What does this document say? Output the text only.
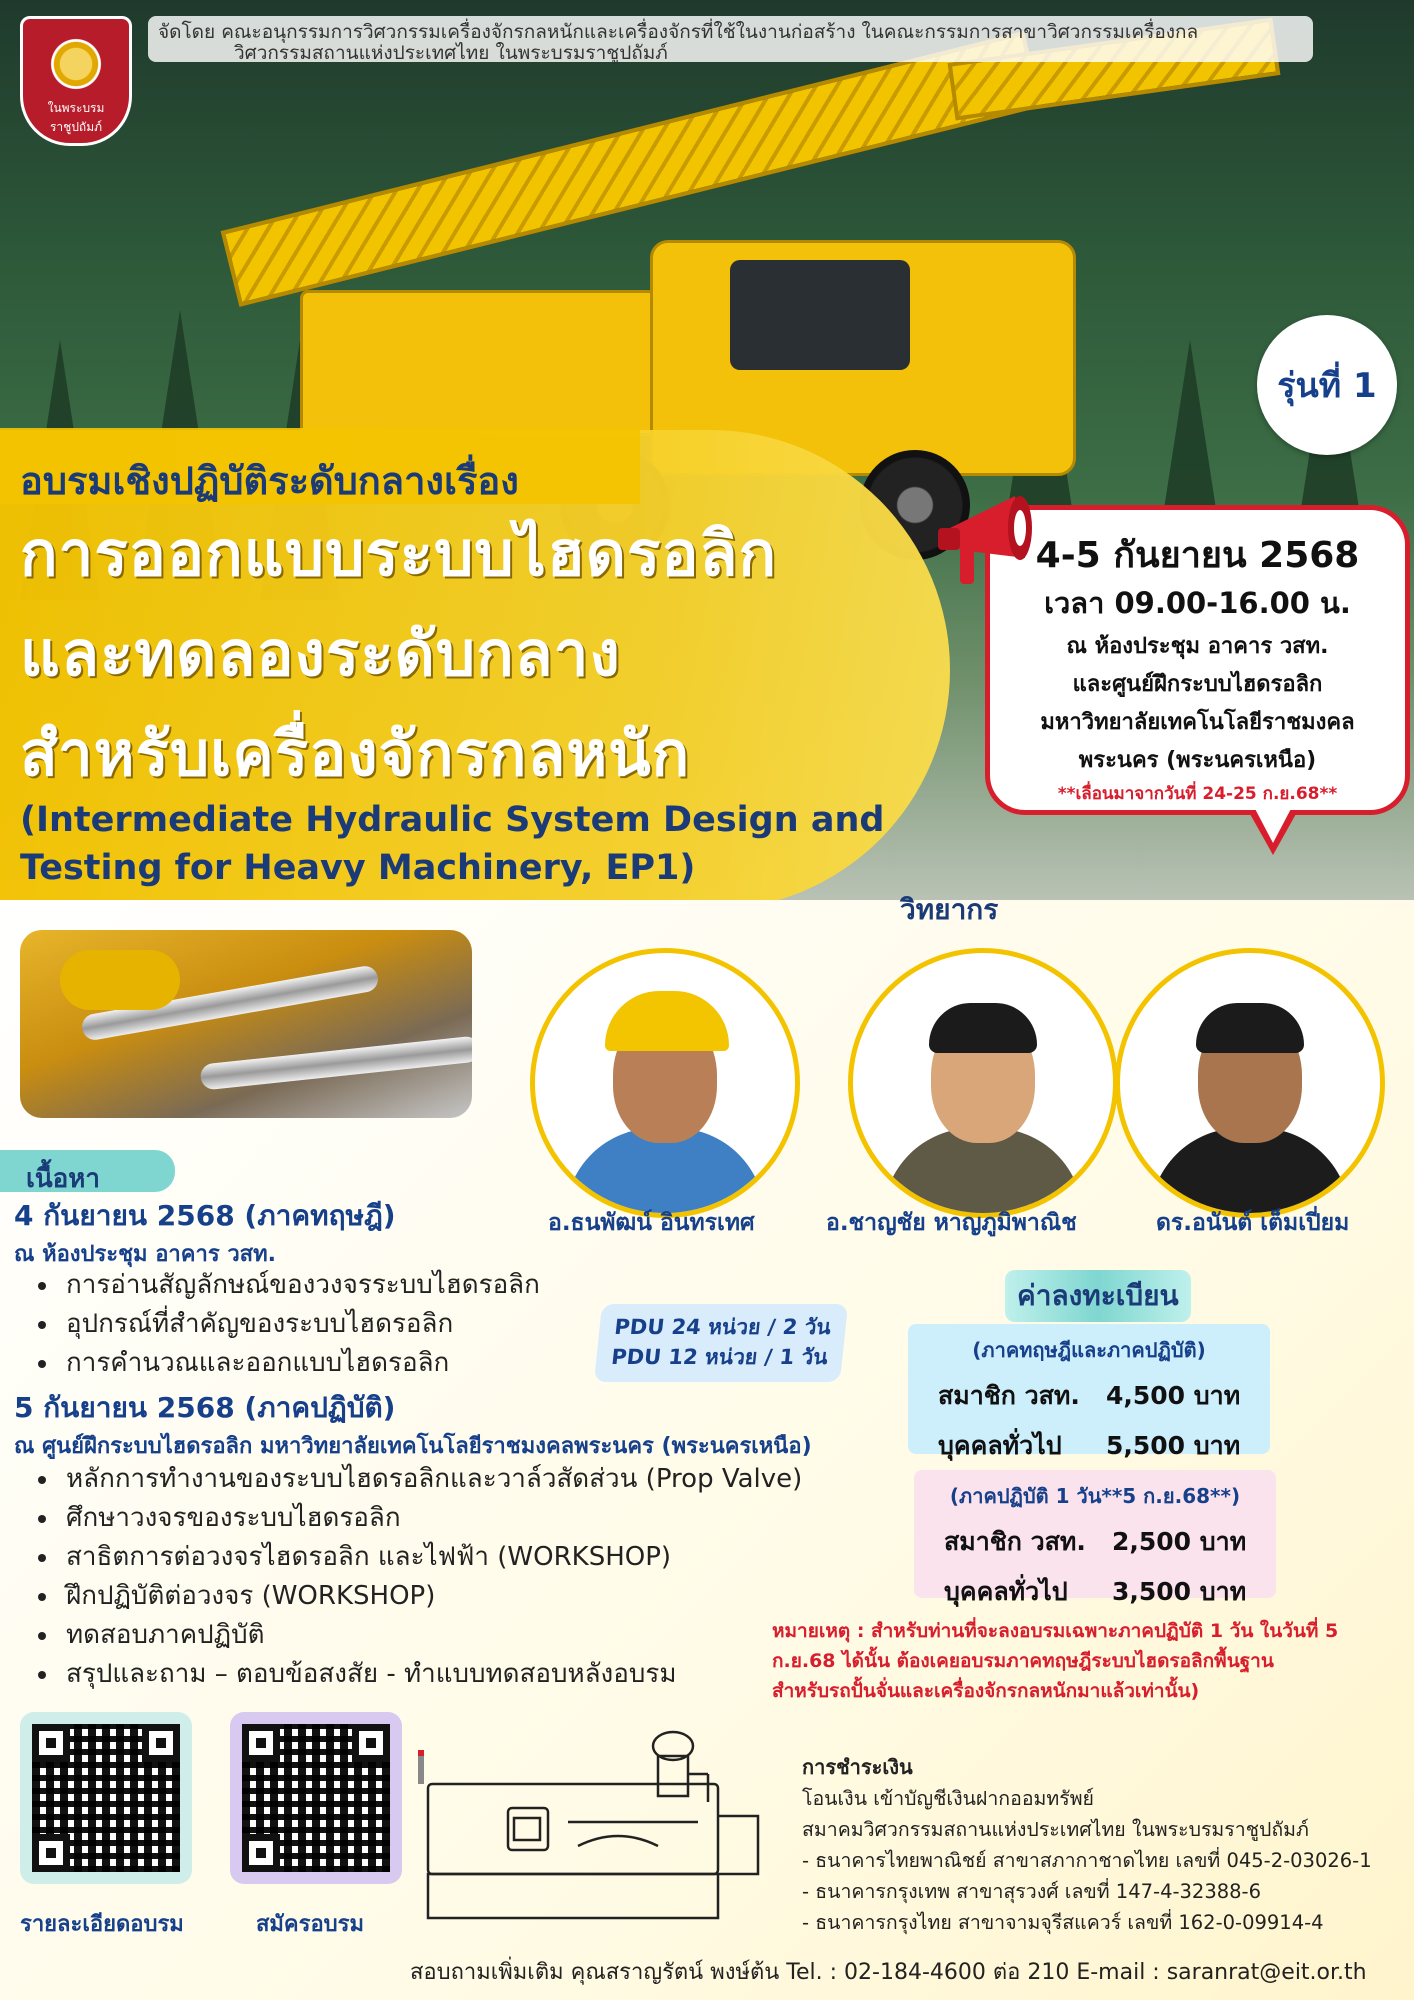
ในพระบรมราชูปถัมภ์
จัดโดย คณะอนุกรรมการวิศวกรรมเครื่องจักรกลหนักและเครื่องจักรที่ใช้ในงานก่อสร้าง ในคณะกรรมการสาขาวิศวกรรมเครื่องกล
วิศวกรรมสถานแห่งประเทศไทย ในพระบรมราชูปถัมภ์
รุ่นที่ 1
อบรมเชิงปฏิบัติระดับกลางเรื่อง
การออกแบบระบบไฮดรอลิก
และทดลองระดับกลาง
สำหรับเครื่องจักรกลหนัก
(Intermediate Hydraulic System Design and
Testing for Heavy Machinery, EP1)
4-5 กันยายน 2568
เวลา 09.00-16.00 น.
ณ ห้องประชุม อาคาร วสท.
และศูนย์ฝึกระบบไฮดรอลิก
มหาวิทยาลัยเทคโนโลยีราชมงคล
พระนคร (พระนครเหนือ)
**เลื่อนมาจากวันที่ 24-25 ก.ย.68**
วิทยากร
อ.ธนพัฒน์ อินทรเทศ	อ.ชาญชัย หาญภูมิพาณิช	ดร.อนันต์ เต็มเปี่ยม
เนื้อหา
4 กันยายน 2568 (ภาคทฤษฎี)
ณ ห้องประชุม อาคาร วสท.
• การอ่านสัญลักษณ์ของวงจรระบบไฮดรอลิก
• อุปกรณ์ที่สำคัญของระบบไฮดรอลิก
• การคำนวณและออกแบบไฮดรอลิก
5 กันยายน 2568 (ภาคปฏิบัติ)
ณ ศูนย์ฝึกระบบไฮดรอลิก มหาวิทยาลัยเทคโนโลยีราชมงคลพระนคร (พระนครเหนือ)
• หลักการทำงานของระบบไฮดรอลิกและวาล์วสัดส่วน (Prop Valve)
• ศึกษาวงจรของระบบไฮดรอลิก
• สาธิตการต่อวงจรไฮดรอลิก และไฟฟ้า (WORKSHOP)
• ฝึกปฏิบัติต่อวงจร (WORKSHOP)
• ทดสอบภาคปฏิบัติ
• สรุปและถาม – ตอบข้อสงสัย - ทำแบบทดสอบหลังอบรม
PDU 24 หน่วย / 2 วัน
PDU 12 หน่วย / 1 วัน
ค่าลงทะเบียน
(ภาคทฤษฎีและภาคปฏิบัติ)
สมาชิก วสท.	4,500 บาท
บุคคลทั่วไป	5,500 บาท
(ภาคปฏิบัติ 1 วัน**5 ก.ย.68**)
สมาชิก วสท.	2,500 บาท
บุคคลทั่วไป	3,500 บาท
หมายเหตุ : สำหรับท่านที่จะลงอบรมเฉพาะภาคปฏิบัติ 1 วัน ในวันที่ 5
ก.ย.68 ได้นั้น ต้องเคยอบรมภาคทฤษฎีระบบไฮดรอลิกพื้นฐาน
สำหรับรถปั้นจั่นและเครื่องจักรกลหนักมาแล้วเท่านั้น)
รายละเอียดอบรม	สมัครอบรม
การชำระเงิน
โอนเงิน เข้าบัญชีเงินฝากออมทรัพย์
สมาคมวิศวกรรมสถานแห่งประเทศไทย ในพระบรมราชูปถัมภ์
- ธนาคารไทยพาณิชย์ สาขาสภากาชาดไทย เลขที่ 045-2-03026-1
- ธนาคารกรุงเทพ สาขาสุรวงศ์ เลขที่ 147-4-32388-6
- ธนาคารกรุงไทย สาขาจามจุรีสแควร์ เลขที่ 162-0-09914-4
สอบถามเพิ่มเติม คุณสราญรัตน์ พงษ์ต้น Tel. : 02-184-4600 ต่อ 210 E-mail : saranrat@eit.or.th
